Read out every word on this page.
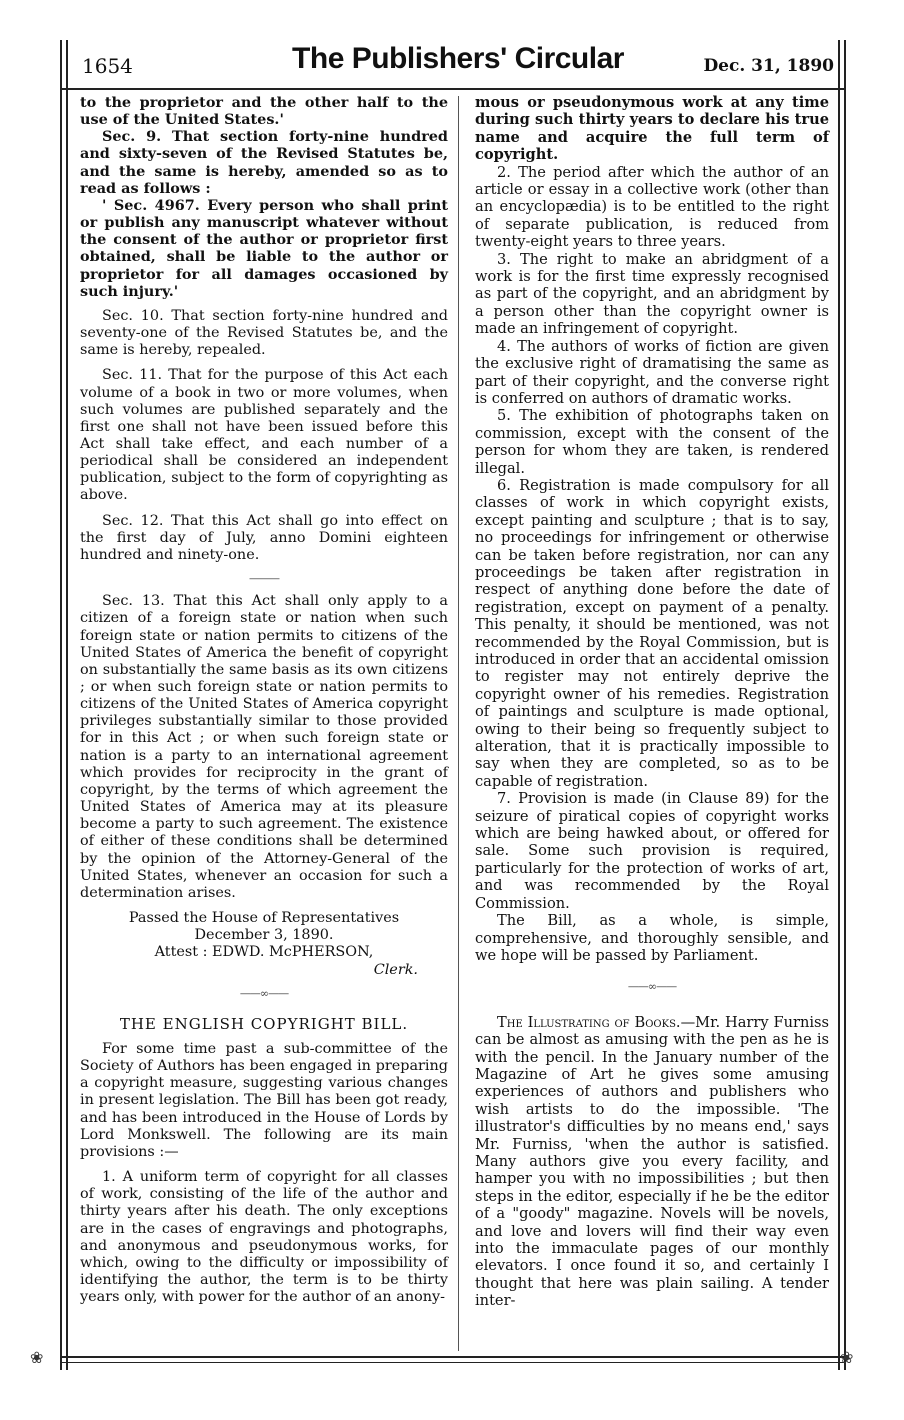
❀	❀
1654	The Publishers' Circular	Dec. 31, 1890

to the proprietor and the other half to the use of the United States.'

Sec. 9. That section forty-nine hundred and sixty-seven of the Revised Statutes be, and the same is hereby, amended so as to read as follows :

' Sec. 4967. Every person who shall print or publish any manuscript whatever without the consent of the author or proprietor first obtained, shall be liable to the author or proprietor for all damages occasioned by such injury.'

Sec. 10. That section forty-nine hundred and seventy-one of the Revised Statutes be, and the same is hereby, repealed.

Sec. 11. That for the purpose of this Act each volume of a book in two or more volumes, when such volumes are published separately and the first one shall not have been issued before this Act shall take effect, and each number of a periodical shall be considered an independent publication, subject to the form of copyrighting as above.

Sec. 12. That this Act shall go into effect on the first day of July, anno Domini eighteen hundred and ninety-one.

———

Sec. 13. That this Act shall only apply to a citizen of a foreign state or nation when such foreign state or nation permits to citizens of the United States of America the benefit of copyright on substantially the same basis as its own citizens ; or when such foreign state or nation permits to citizens of the United States of America copyright privileges substantially similar to those provided for in this Act ; or when such foreign state or nation is a party to an international agreement which provides for reciprocity in the grant of copyright, by the terms of which agreement the United States of America may at its pleasure become a party to such agreement. The existence of either of these conditions shall be determined by the opinion of the Attorney-General of the United States, whenever an occasion for such a determination arises.

Passed the House of Representatives

December 3, 1890.

Attest : EDWD. McPHERSON,

Clerk.

——∞——
THE ENGLISH COPYRIGHT BILL.

For some time past a sub-committee of the Society of Authors has been engaged in preparing a copyright measure, suggesting various changes in present legislation. The Bill has been got ready, and has been introduced in the House of Lords by Lord Monkswell. The following are its main provisions :—

1. A uniform term of copyright for all classes of work, consisting of the life of the author and thirty years after his death. The only exceptions are in the cases of engravings and photographs, and anonymous and pseudonymous works, for which, owing to the difficulty or impossibility of identifying the author, the term is to be thirty years only, with power for the author of an anony-

mous or pseudonymous work at any time during such thirty years to declare his true name and acquire the full term of copyright.

2. The period after which the author of an article or essay in a collective work (other than an encyclopædia) is to be entitled to the right of separate publication, is reduced from twenty-eight years to three years.

3. The right to make an abridgment of a work is for the first time expressly recognised as part of the copyright, and an abridgment by a person other than the copyright owner is made an infringement of copyright.

4. The authors of works of fiction are given the exclusive right of dramatising the same as part of their copyright, and the converse right is conferred on authors of dramatic works.

5. The exhibition of photographs taken on commission, except with the consent of the person for whom they are taken, is rendered illegal.

6. Registration is made compulsory for all classes of work in which copyright exists, except painting and sculpture ; that is to say, no proceedings for infringement or otherwise can be taken before registration, nor can any proceedings be taken after registration in respect of anything done before the date of registration, except on payment of a penalty. This penalty, it should be mentioned, was not recommended by the Royal Commission, but is introduced in order that an accidental omission to register may not entirely deprive the copyright owner of his remedies. Registration of paintings and sculpture is made optional, owing to their being so frequently subject to alteration, that it is practically impossible to say when they are completed, so as to be capable of registration.

7. Provision is made (in Clause 89) for the seizure of piratical copies of copyright works which are being hawked about, or offered for sale. Some such provision is required, particularly for the protection of works of art, and was recommended by the Royal Commission.

The Bill, as a whole, is simple, comprehensive, and thoroughly sensible, and we hope will be passed by Parliament.

——∞——

The Illustrating of Books.—Mr. Harry Furniss can be almost as amusing with the pen as he is with the pencil. In the January number of the Magazine of Art he gives some amusing experiences of authors and publishers who wish artists to do the impossible. 'The illustrator's difficulties by no means end,' says Mr. Furniss, 'when the author is satisfied. Many authors give you every facility, and hamper you with no impossibilities ; but then steps in the editor, especially if he be the editor of a "goody" magazine. Novels will be novels, and love and lovers will find their way even into the immaculate pages of our monthly elevators. I once found it so, and certainly I thought that here was plain sailing. A tender inter-
